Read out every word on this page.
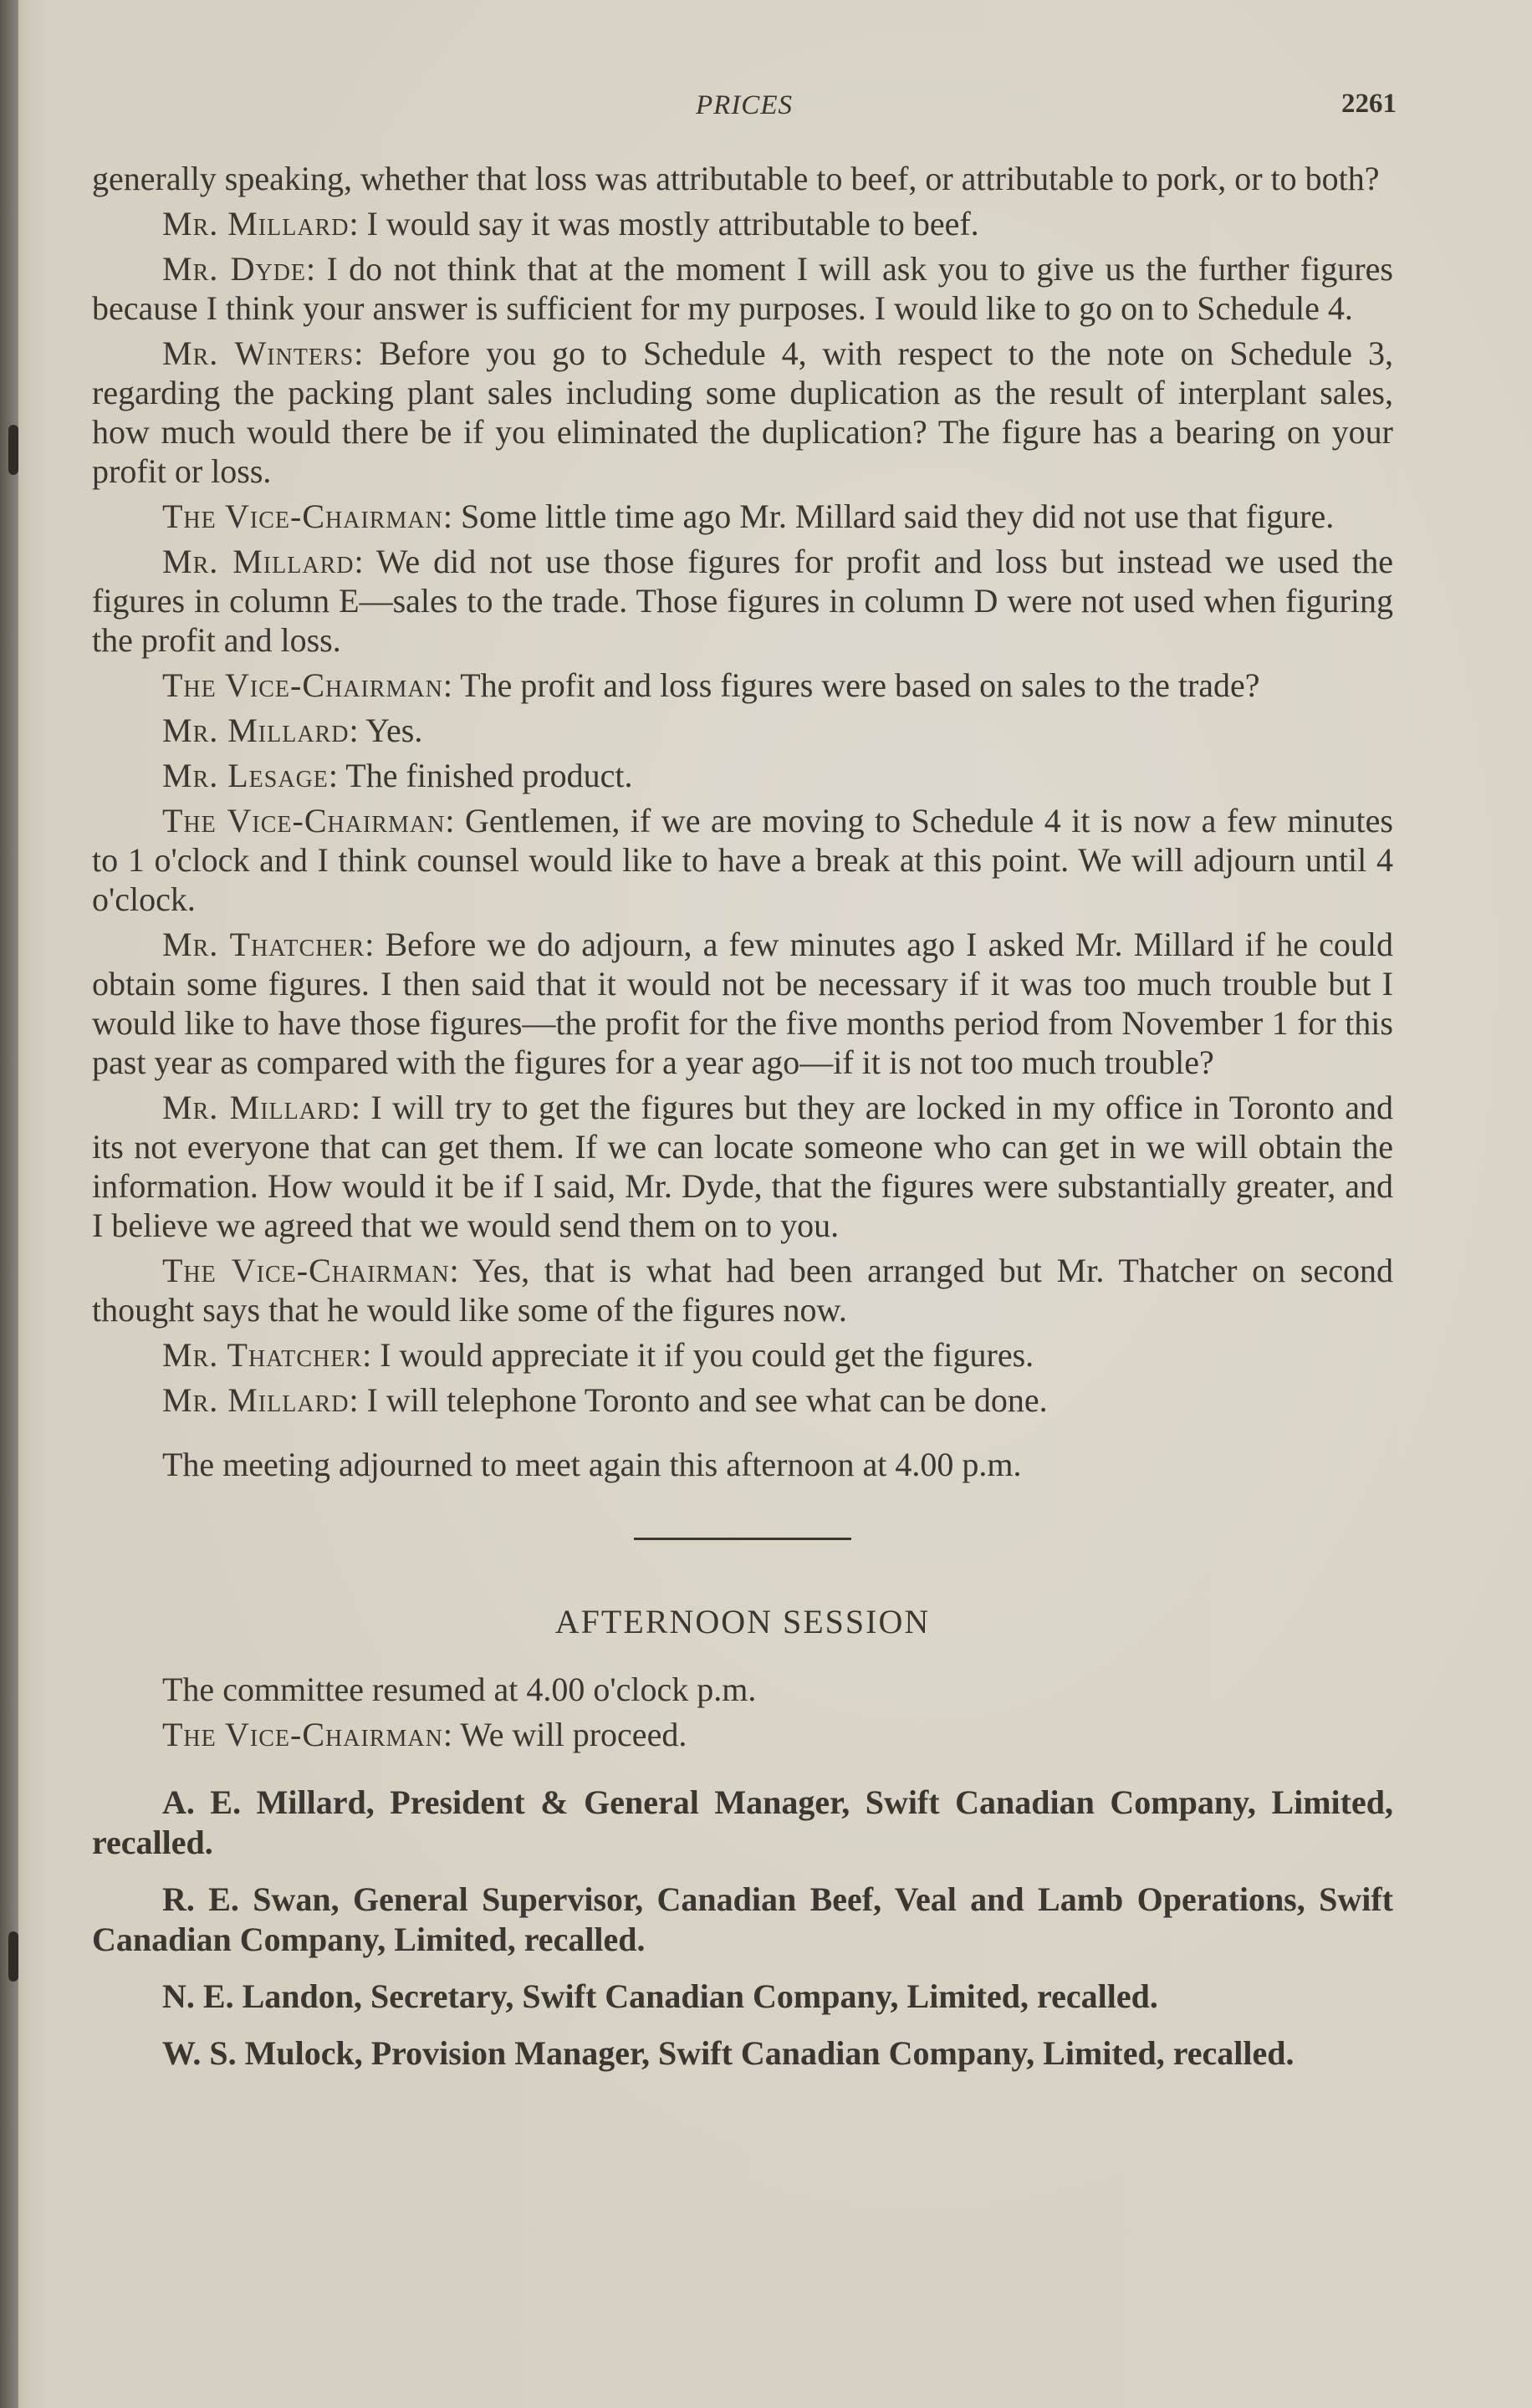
PRICES	2261

generally speaking, whether that loss was attributable to beef, or attributable to pork, or to both?

Mr. Millard: I would say it was mostly attributable to beef.

Mr. Dyde: I do not think that at the moment I will ask you to give us the further figures because I think your answer is sufficient for my purposes. I would like to go on to Schedule 4.

Mr. Winters: Before you go to Schedule 4, with respect to the note on Schedule 3, regarding the packing plant sales including some duplication as the result of interplant sales, how much would there be if you eliminated the duplication? The figure has a bearing on your profit or loss.

The Vice-Chairman: Some little time ago Mr. Millard said they did not use that figure.

Mr. Millard: We did not use those figures for profit and loss but instead we used the figures in column E—sales to the trade. Those figures in column D were not used when figuring the profit and loss.

The Vice-Chairman: The profit and loss figures were based on sales to the trade?

Mr. Millard: Yes.

Mr. Lesage: The finished product.

The Vice-Chairman: Gentlemen, if we are moving to Schedule 4 it is now a few minutes to 1 o'clock and I think counsel would like to have a break at this point. We will adjourn until 4 o'clock.

Mr. Thatcher: Before we do adjourn, a few minutes ago I asked Mr. Millard if he could obtain some figures. I then said that it would not be necessary if it was too much trouble but I would like to have those figures—the profit for the five months period from November 1 for this past year as compared with the figures for a year ago—if it is not too much trouble?

Mr. Millard: I will try to get the figures but they are locked in my office in Toronto and its not everyone that can get them. If we can locate someone who can get in we will obtain the information. How would it be if I said, Mr. Dyde, that the figures were substantially greater, and I believe we agreed that we would send them on to you.

The Vice-Chairman: Yes, that is what had been arranged but Mr. Thatcher on second thought says that he would like some of the figures now.

Mr. Thatcher: I would appreciate it if you could get the figures.

Mr. Millard: I will telephone Toronto and see what can be done.

The meeting adjourned to meet again this afternoon at 4.00 p.m.

AFTERNOON SESSION

The committee resumed at 4.00 o'clock p.m.

The Vice-Chairman: We will proceed.

A. E. Millard, President & General Manager, Swift Canadian Company, Limited, recalled.

R. E. Swan, General Supervisor, Canadian Beef, Veal and Lamb Operations, Swift Canadian Company, Limited, recalled.

N. E. Landon, Secretary, Swift Canadian Company, Limited, recalled.

W. S. Mulock, Provision Manager, Swift Canadian Company, Limited, recalled.
